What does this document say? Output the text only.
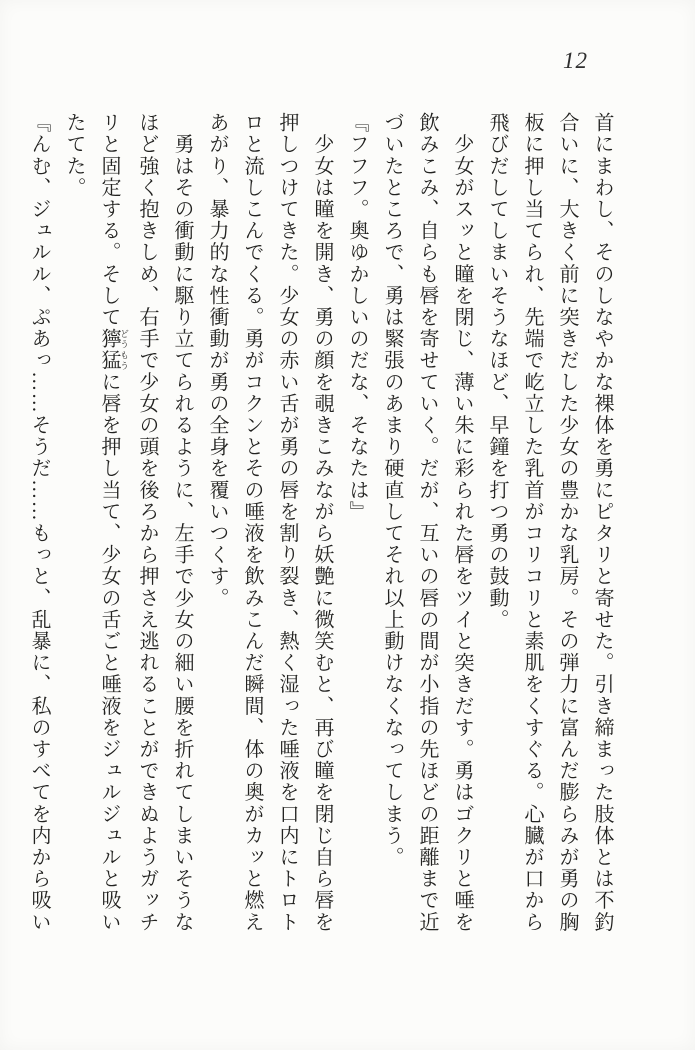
12

首にまわし、そのしなやかな裸体を勇にピタリと寄せた。引き締まった肢体とは不釣

合いに、大きく前に突きだした少女の豊かな乳房。その弾力に富んだ膨らみが勇の胸

板に押し当てられ、先端で屹立した乳首がコリコリと素肌をくすぐる。心臓が口から

飛びだしてしまいそうなほど、早鐘を打つ勇の鼓動。

　少女がスッと瞳を閉じ、薄い朱に彩られた唇をツイと突きだす。勇はゴクリと唾を

飲みこみ、自らも唇を寄せていく。だが、互いの唇の間が小指の先ほどの距離まで近

づいたところで、勇は緊張のあまり硬直してそれ以上動けなくなってしまう。

『フフフ。奥ゆかしいのだな、そなたは』

　少女は瞳を開き、勇の顔を覗きこみながら妖艶に微笑むと、再び瞳を閉じ自ら唇を

押しつけてきた。少女の赤い舌が勇の唇を割り裂き、熱く湿った唾液を口内にトロト

ロと流しこんでくる。勇がコクンとその唾液を飲みこんだ瞬間、体の奥がカッと燃え

あがり、暴力的な性衝動が勇の全身を覆いつくす。

　勇はその衝動に駆り立てられるように、左手で少女の細い腰を折れてしまいそうな

ほど強く抱きしめ、右手で少女の頭を後ろから押さえ逃れることができぬようガッチ

リと固定する。そして獰猛 どうもうに唇を押し当て、少女の舌ごと唾液をジュルジュルと吸い

たてた。

『んむ、ジュルル、ぷあっ……そうだ……もっと、乱暴に、私のすべてを内から吸い
